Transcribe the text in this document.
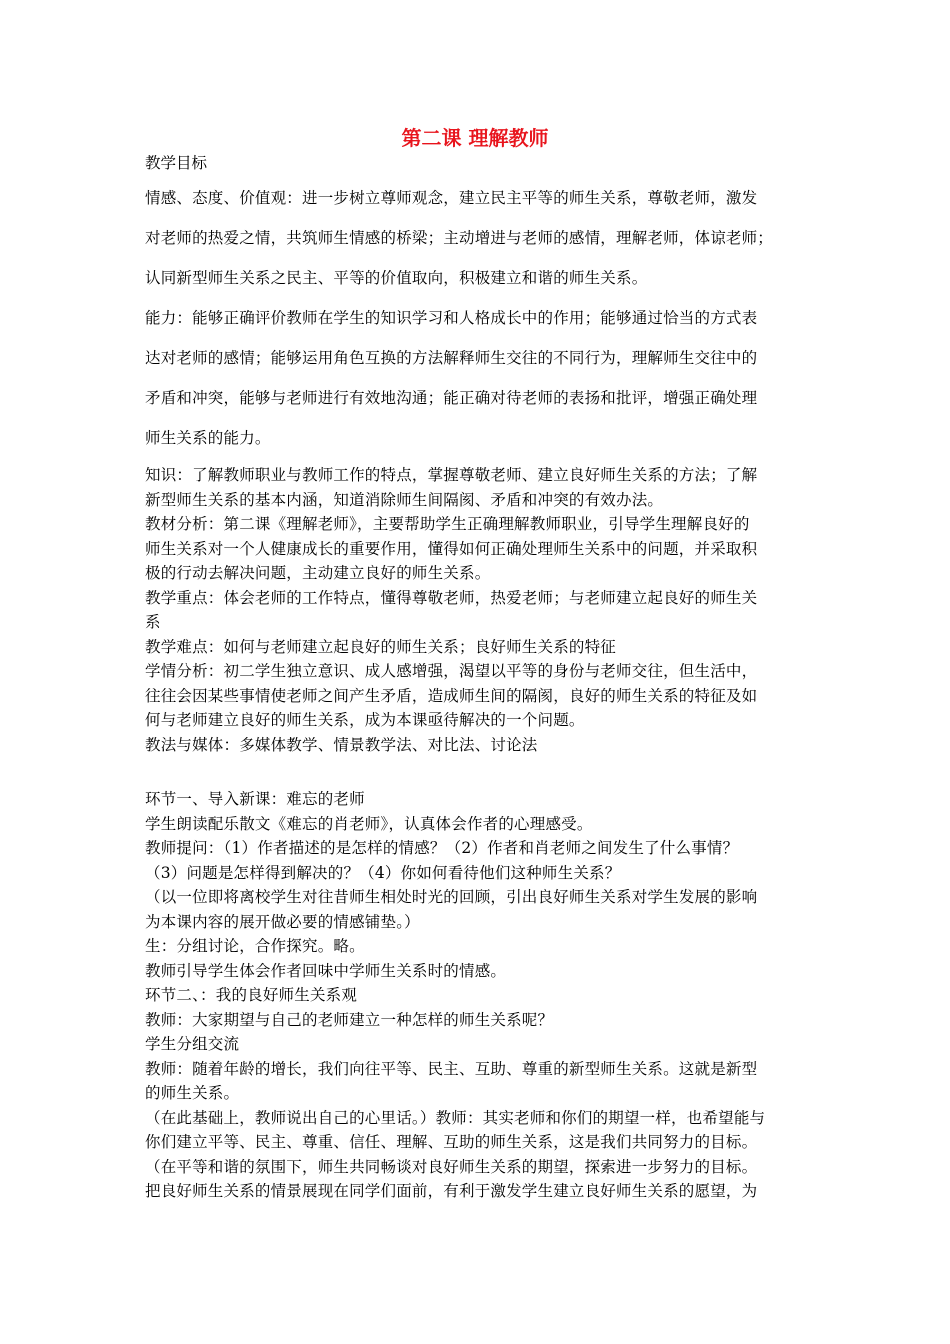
第二课 理解教师
教学目标

情感、态度、价值观：进一步树立尊师观念，建立民主平等的师生关系，尊敬老师，激发

对老师的热爱之情，共筑师生情感的桥梁；主动增进与老师的感情，理解老师，体谅老师；

认同新型师生关系之民主、平等的价值取向，积极建立和谐的师生关系。

能力：能够正确评价教师在学生的知识学习和人格成长中的作用；能够通过恰当的方式表

达对老师的感情；能够运用角色互换的方法解释师生交往的不同行为，理解师生交往中的

矛盾和冲突，能够与老师进行有效地沟通；能正确对待老师的表扬和批评，增强正确处理

师生关系的能力。

知识：了解教师职业与教师工作的特点，掌握尊敬老师、建立良好师生关系的方法；了解

新型师生关系的基本内涵，知道消除师生间隔阂、矛盾和冲突的有效办法。

教材分析：第二课《理解老师》，主要帮助学生正确理解教师职业，引导学生理解良好的

师生关系对一个人健康成长的重要作用，懂得如何正确处理师生关系中的问题，并采取积

极的行动去解决问题，主动建立良好的师生关系。

教学重点：体会老师的工作特点，懂得尊敬老师，热爱老师；与老师建立起良好的师生关

系

教学难点：如何与老师建立起良好的师生关系；良好师生关系的特征

学情分析：初二学生独立意识、成人感增强，渴望以平等的身份与老师交往，但生活中，

往往会因某些事情使老师之间产生矛盾，造成师生间的隔阂，良好的师生关系的特征及如

何与老师建立良好的师生关系，成为本课亟待解决的一个问题。

教法与媒体：多媒体教学、情景教学法、对比法、讨论法

环节一、导入新课：难忘的老师

学生朗读配乐散文《难忘的肖老师》，认真体会作者的心理感受。

教师提问：（1）作者描述的是怎样的情感？（2）作者和肖老师之间发生了什么事情？

（3）问题是怎样得到解决的？（4）你如何看待他们这种师生关系？

（以一位即将离校学生对往昔师生相处时光的回顾，引出良好师生关系对学生发展的影响

为本课内容的展开做必要的情感铺垫。）

生：分组讨论，合作探究。略。

教师引导学生体会作者回味中学师生关系时的情感。

环节二、：我的良好师生关系观

教师：大家期望与自己的老师建立一种怎样的师生关系呢？

学生分组交流

教师：随着年龄的增长，我们向往平等、民主、互助、尊重的新型师生关系。这就是新型

的师生关系。

（在此基础上，教师说出自己的心里话。）教师：其实老师和你们的期望一样，也希望能与

你们建立平等、民主、尊重、信任、理解、互助的师生关系，这是我们共同努力的目标。

（在平等和谐的氛围下，师生共同畅谈对良好师生关系的期望，探索进一步努力的目标。

把良好师生关系的情景展现在同学们面前，有利于激发学生建立良好师生关系的愿望，为
